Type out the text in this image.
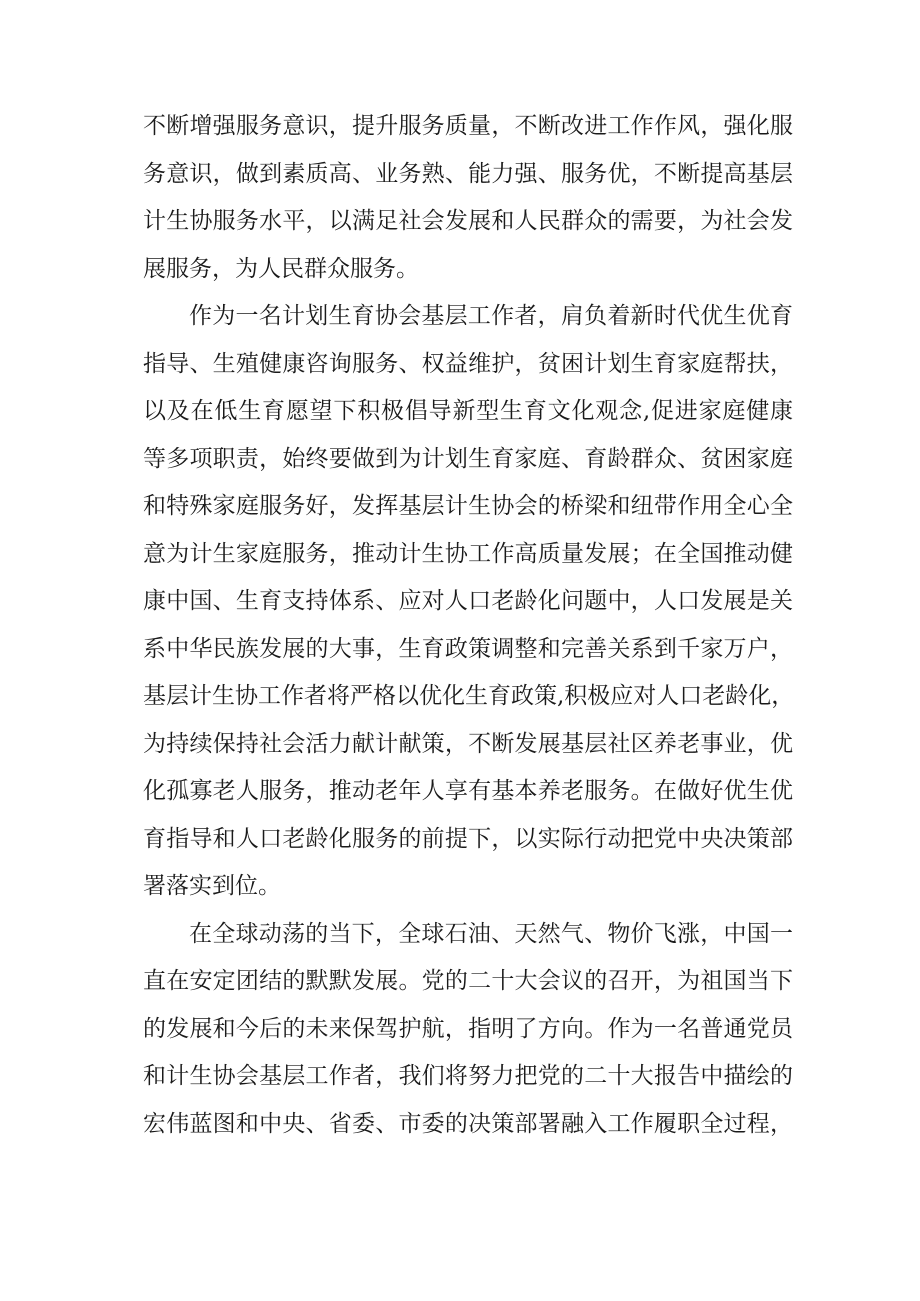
不断增强服务意识，提升服务质量，不断改进工作作风，强化服
务意识，做到素质高、业务熟、能力强、服务优，不断提高基层
计生协服务水平，以满足社会发展和人民群众的需要，为社会发
展服务，为人民群众服务。
作为一名计划生育协会基层工作者，肩负着新时代优生优育
指导、生殖健康咨询服务、权益维护，贫困计划生育家庭帮扶，
以及在低生育愿望下积极倡导新型生育文化观念,促进家庭健康
等多项职责，始终要做到为计划生育家庭、育龄群众、贫困家庭
和特殊家庭服务好，发挥基层计生协会的桥梁和纽带作用全心全
意为计生家庭服务，推动计生协工作高质量发展；在全国推动健
康中国、生育支持体系、应对人口老龄化问题中，人口发展是关
系中华民族发展的大事，生育政策调整和完善关系到千家万户，
基层计生协工作者将严格以优化生育政策,积极应对人口老龄化，
为持续保持社会活力献计献策，不断发展基层社区养老事业，优
化孤寡老人服务，推动老年人享有基本养老服务。在做好优生优
育指导和人口老龄化服务的前提下，以实际行动把党中央决策部
署落实到位。
在全球动荡的当下，全球石油、天然气、物价飞涨，中国一
直在安定团结的默默发展。党的二十大会议的召开，为祖国当下
的发展和今后的未来保驾护航，指明了方向。作为一名普通党员
和计生协会基层工作者，我们将努力把党的二十大报告中描绘的
宏伟蓝图和中央、省委、市委的决策部署融入工作履职全过程，
